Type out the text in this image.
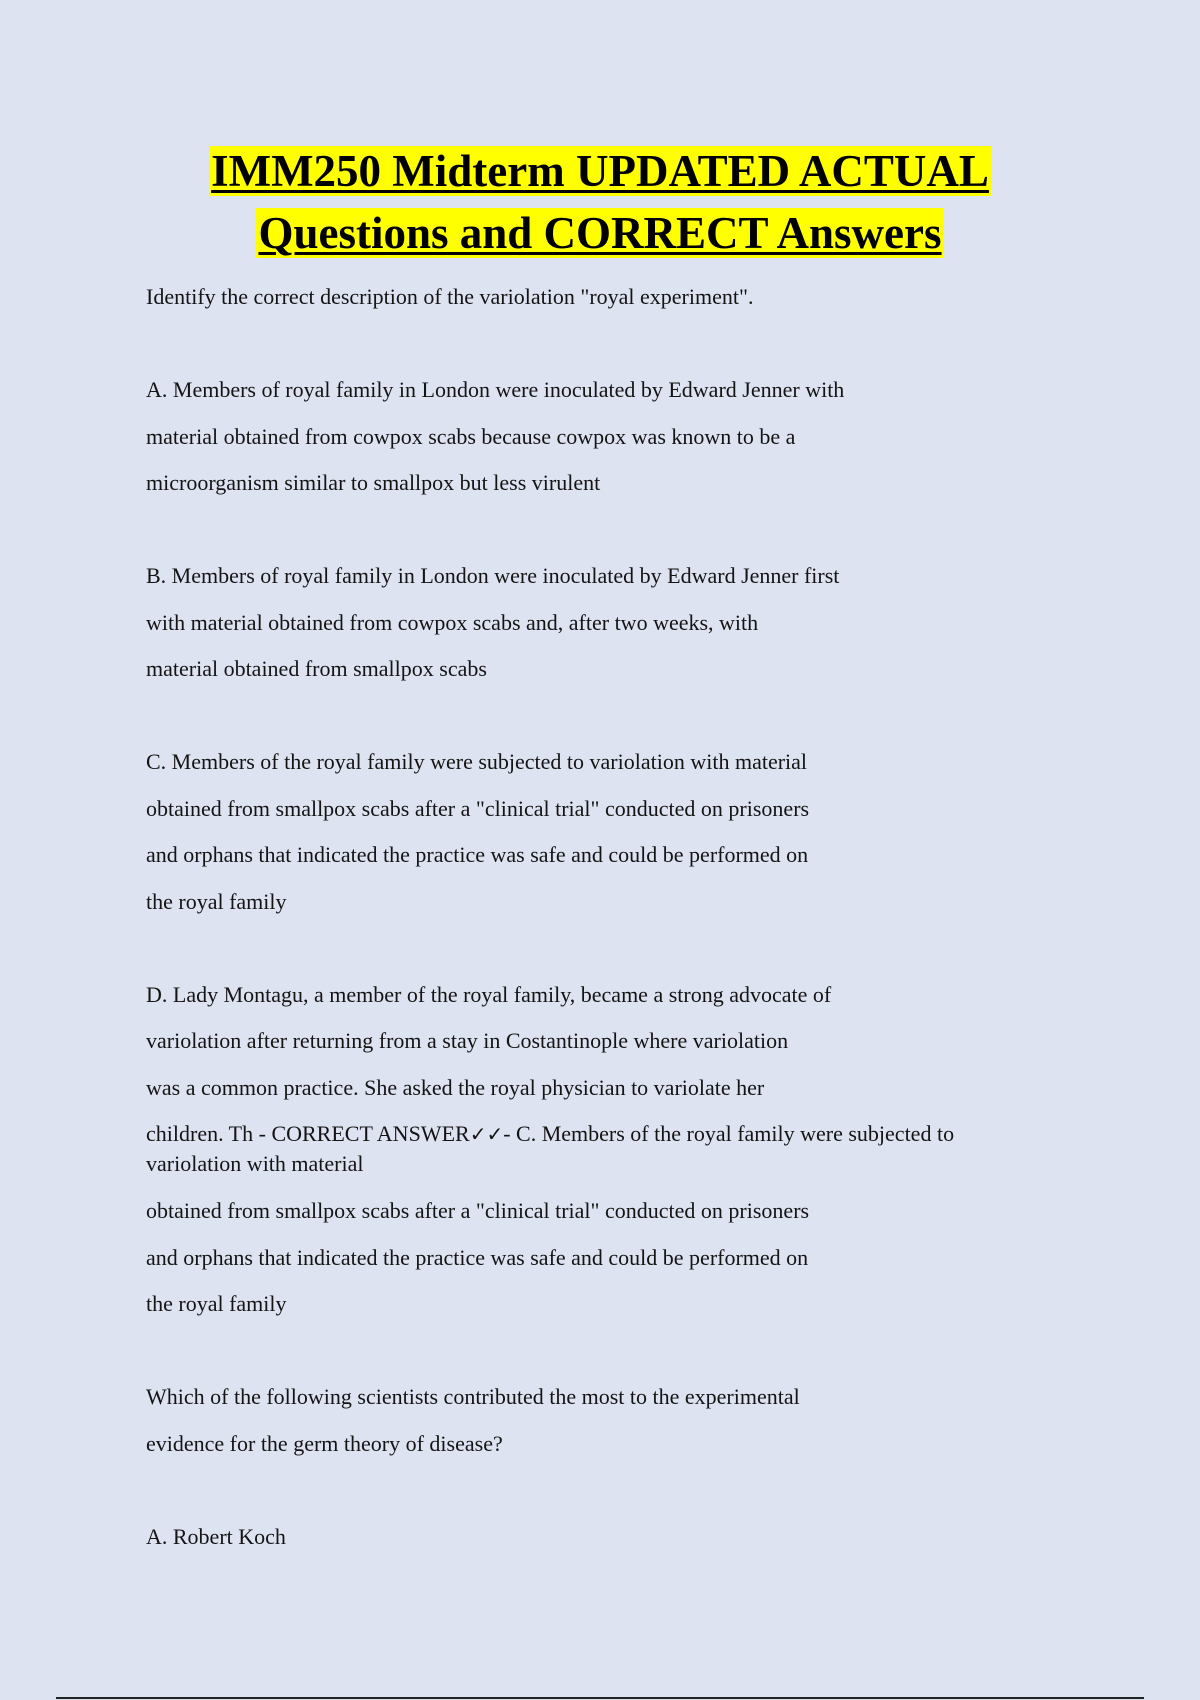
IMM250 Midterm UPDATED ACTUAL
Questions and CORRECT Answers
Identify the correct description of the variolation "royal experiment".
A. Members of royal family in London were inoculated by Edward Jenner with
material obtained from cowpox scabs because cowpox was known to be a
microorganism similar to smallpox but less virulent
B. Members of royal family in London were inoculated by Edward Jenner first
with material obtained from cowpox scabs and, after two weeks, with
material obtained from smallpox scabs
C. Members of the royal family were subjected to variolation with material
obtained from smallpox scabs after a "clinical trial" conducted on prisoners
and orphans that indicated the practice was safe and could be performed on
the royal family
D. Lady Montagu, a member of the royal family, became a strong advocate of
variolation after returning from a stay in Costantinople where variolation
was a common practice. She asked the royal physician to variolate her
children. Th - CORRECT ANSWER✓✓- C. Members of the royal family were subjected to variolation with material
obtained from smallpox scabs after a "clinical trial" conducted on prisoners
and orphans that indicated the practice was safe and could be performed on
the royal family
Which of the following scientists contributed the most to the experimental
evidence for the germ theory of disease?
A. Robert Koch
